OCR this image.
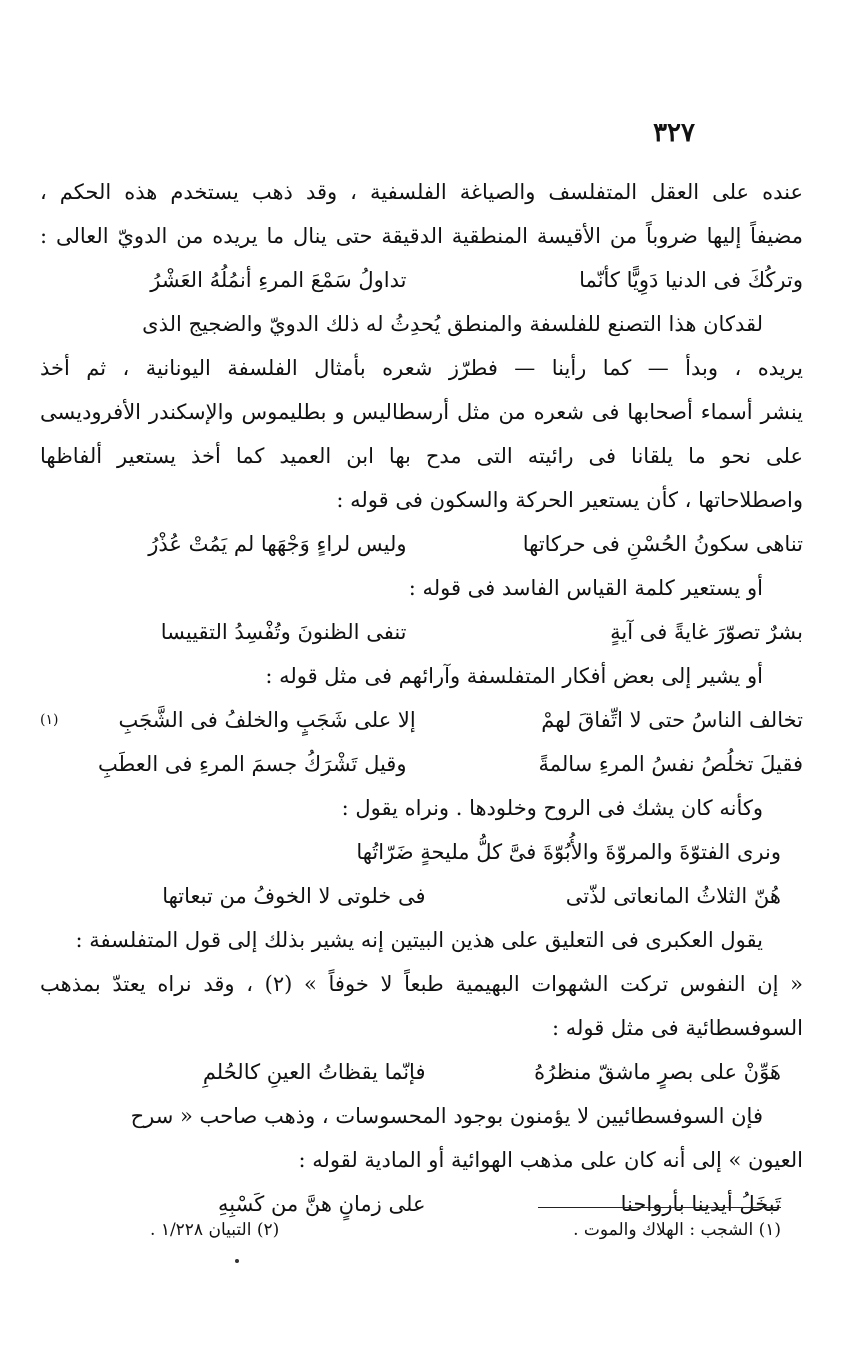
٣٢٧
عنده على العقل المتفلسف والصياغة الفلسفية ، وقد ذهب يستخدم هذه الحكم ،
مضيفاً إليها ضروباً من الأقيسة المنطقية الدقيقة حتى ينال ما يريده من الدويّ العالى :
وتركُكَ فى الدنيا دَوِيًّا كأنّما
تداولُ سَمْعَ المرءِ أنمُلُهُ العَشْرُ
لقدكان هذا التصنع للفلسفة والمنطق يُحدِثُ له ذلك الدويّ والضجيج الذى
يريده ، وبدأ — كما رأينا — فطرّز شعره بأمثال الفلسفة اليونانية ، ثم أخذ
ينشر أسماء أصحابها فى شعره من مثل أرسطاليس و بطليموس والإسكندر الأفروديسى
على نحو ما يلقانا فى رائيته التى مدح بها ابن العميد كما أخذ يستعير ألفاظها
واصطلاحاتها ، كأن يستعير الحركة والسكون فى قوله :
تناهى سكونُ الحُسْنِ فى حركاتها
وليس لراءٍ وَجْهَها لم يَمُتْ عُذْرُ
أو يستعير كلمة القياس الفاسد فى قوله :
بشرٌ تصوّرَ غايةً فى آيةٍ
تنفى الظنونَ وتُفْسِدُ التقييسا
أو يشير إلى بعض أفكار المتفلسفة وآرائهم فى مثل قوله :
تخالف الناسُ حتى لا اتِّفاقَ لهمْ
إلا على شَجَبٍ والخلفُ فى الشَّجَبِ
(١)
فقيلَ تخلُصُ نفسُ المرءِ سالمةً
وقيل تَشْرَكُ جسمَ المرءِ فى العطَبِ
وكأنه كان يشك فى الروح وخلودها . ونراه يقول :
ونرى الفتوّةَ والمروّةَ والأُبُوّةَ فىَّ كلُّ مليحةٍ ضَرّاتُها
هُنّ الثلاثُ المانعاتى لذّتى
فى خلوتى لا الخوفُ من تبعاتها
يقول العكبرى فى التعليق على هذين البيتين إنه يشير بذلك إلى قول المتفلسفة :
« إن النفوس تركت الشهوات البهيمية طبعاً لا خوفاً » (٢) ، وقد نراه يعتدّ بمذهب
السوفسطائية فى مثل قوله :
هَوِّنْ على بصرٍ ماشقّ منظرُهُ
فإنّما يقظاتُ العينِ كالحُلمِ
فإن السوفسطائيين لا يؤمنون بوجود المحسوسات ، وذهب صاحب « سرح
العيون » إلى أنه كان على مذهب الهوائية أو المادية لقوله :
تَبخَلُ أيدينا بأرواحنا
على زمانٍ هنَّ من كَسْبِهِ
(١) الشجب : الهلاك والموت .
(٢) التبيان ١/٢٢٨ .
